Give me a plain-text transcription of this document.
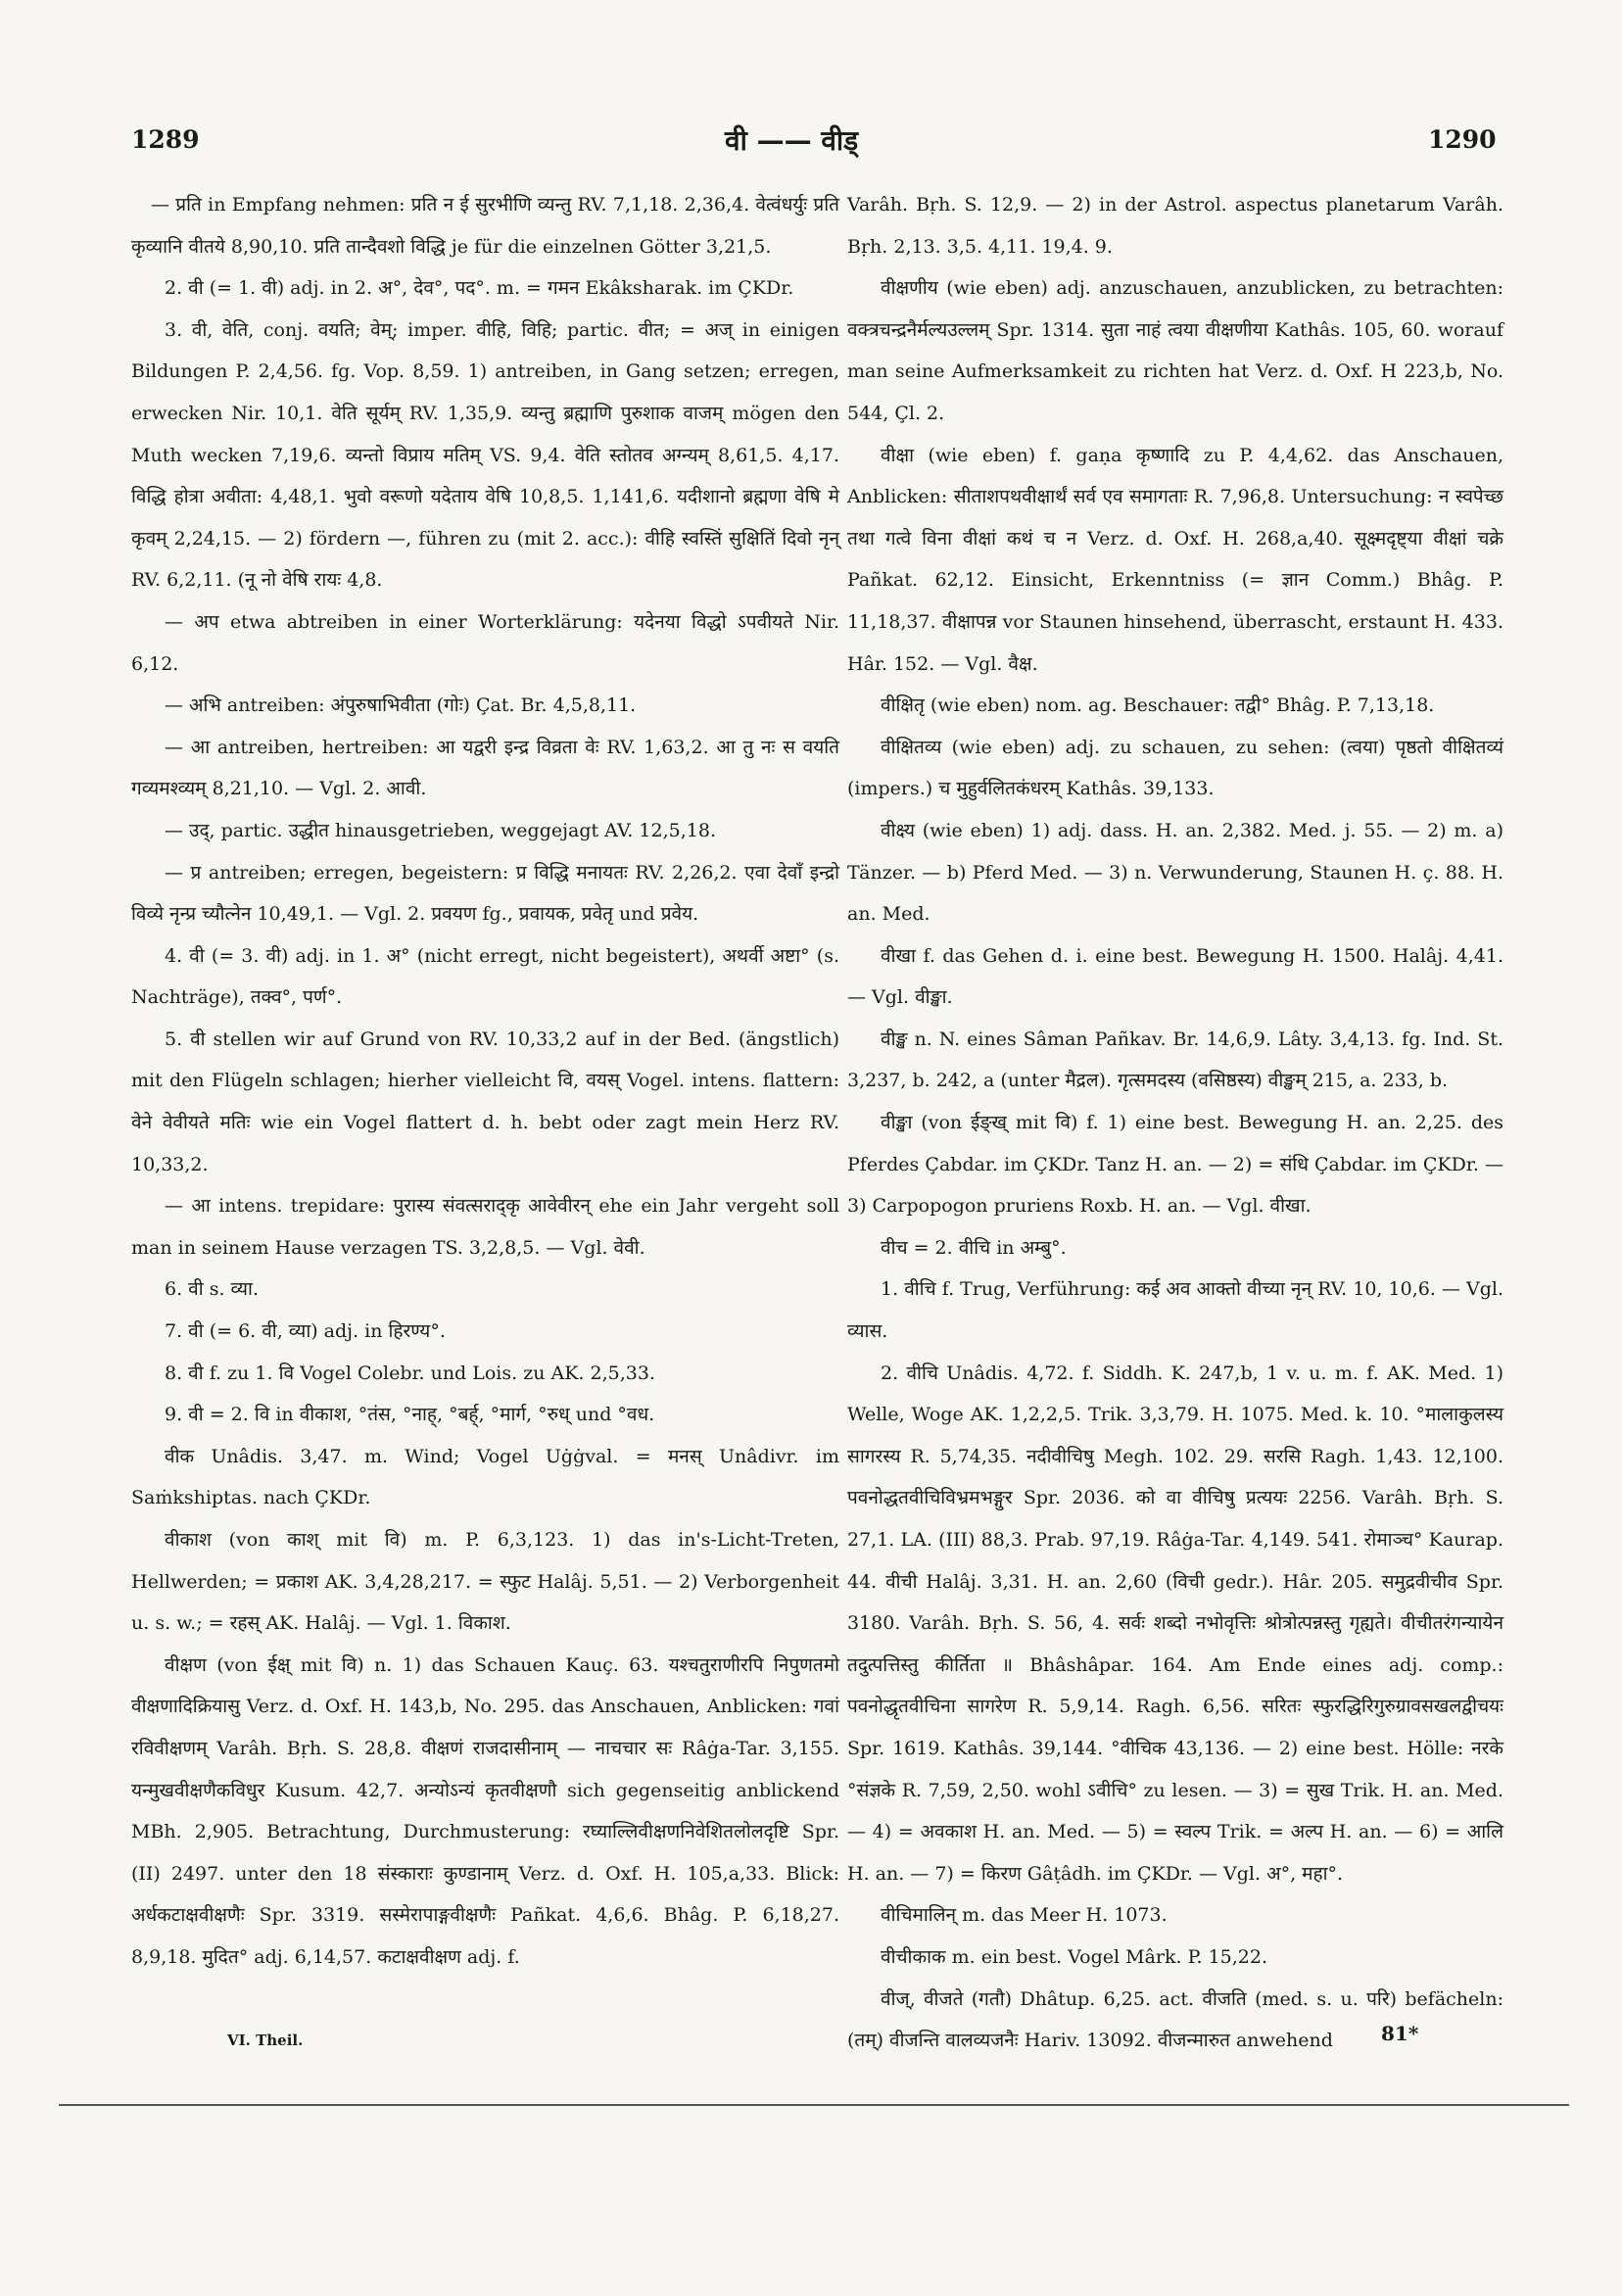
1289	वी —— वीड्	1290

— प्रति in Empfang nehmen: प्रति न ई सुरभीणि व्यन्तु RV. 7,1,18. 2,36,4. वेत्वंधर्युः प्रति कृव्यानि वीतये 8,90,10. प्रति तान्दैवशो विद्धि je für die einzelnen Götter 3,21,5.

2. वी (= 1. वी) adj. in 2. अ°, देव°, पद°. m. = गमन Ekâksharak. im ÇKDr.

3. वी, वेति, conj. वयति; वेम्; imper. वीहि, विहि; partic. वीत; = अज् in einigen Bildungen P. 2,4,56. fg. Vop. 8,59. 1) antreiben, in Gang setzen; erregen, erwecken Nir. 10,1. वेति सूर्यम् RV. 1,35,9. व्यन्तु ब्रह्माणि पुरुशाक वाजम् mögen den Muth wecken 7,19,6. व्यन्तो विप्राय मतिम् VS. 9,4. वेति स्तोतव अग्न्यम् 8,61,5. 4,17. विद्धि होत्रा अवीता: 4,48,1. भुवो वरूणो यदेताय वेषि 10,8,5. 1,141,6. यदीशानो ब्रह्मणा वेषि मे कृवम् 2,24,15. — 2) fördern —, führen zu (mit 2. acc.): वीहि स्वस्तिं सुक्षितिं दिवो नृन् RV. 6,2,11. (नू नो वेषि रायः 4,8.

— अप etwa abtreiben in einer Worterklärung: यदेनया विद्धो ऽपवीयते Nir. 6,12.

— अभि antreiben: अंपुरुषाभिवीता (गोः) Çat. Br. 4,5,8,11.

— आ antreiben, hertreiben: आ यद्वरी इन्द्र विव्रता वेः RV. 1,63,2. आ तु नः स वयति गव्यमश्व्यम् 8,21,10. — Vgl. 2. आवी.

— उद्, partic. उद्धीत hinausgetrieben, weggejagt AV. 12,5,18.

— प्र antreiben; erregen, begeistern: प्र विद्धि मनायतः RV. 2,26,2. एवा देवाँ इन्द्रो विव्ये नृन्प्र च्यौत्नेन 10,49,1. — Vgl. 2. प्रवयण fg., प्रवायक, प्रवेतृ und प्रवेय.

4. वी (= 3. वी) adj. in 1. अ° (nicht erregt, nicht begeistert), अथर्वी अष्टा° (s. Nachträge), तक्व°, पर्ण°.

5. वी stellen wir auf Grund von RV. 10,33,2 auf in der Bed. (ängstlich) mit den Flügeln schlagen; hierher vielleicht वि, वयस् Vogel. intens. flattern: वेने वेवीयते मतिः wie ein Vogel flattert d. h. bebt oder zagt mein Herz RV. 10,33,2.

— आ intens. trepidare: पुरास्य संवत्सराद्कृ आवेवीरन् ehe ein Jahr vergeht soll man in seinem Hause verzagen TS. 3,2,8,5. — Vgl. वेवी.

6. वी s. व्या.

7. वी (= 6. वी, व्या) adj. in हिरण्य°.

8. वी f. zu 1. वि Vogel Colebr. und Lois. zu AK. 2,5,33.

9. वी = 2. वि in वीकाश, °तंस, °नाह्, °बर्ह्, °मार्ग, °रुध् und °वध.

वीक Unâdis. 3,47. m. Wind; Vogel Uġġval. = मनस् Unâdivr. im Saṁkshiptas. nach ÇKDr.

वीकाश (von काश् mit वि) m. P. 6,3,123. 1) das in's-Licht-Treten, Hellwerden; = प्रकाश AK. 3,4,28,217. = स्फुट Halâj. 5,51. — 2) Verborgenheit u. s. w.; = रहस् AK. Halâj. — Vgl. 1. विकाश.

वीक्षण (von ईक्ष् mit वि) n. 1) das Schauen Kauç. 63. यश्चतुराणीरपि निपुणतमो वीक्षणादिक्रियासु Verz. d. Oxf. H. 143,b, No. 295. das Anschauen, Anblicken: गवां रविवीक्षणम् Varâh. Bṛh. S. 28,8. वीक्षणं राजदासीनाम् — नाचचार सः Râġa-Tar. 3,155. यन्मुखवीक्षणैकविधुर Kusum. 42,7. अन्योऽन्यं कृतवीक्षणौ sich gegenseitig anblickend MBh. 2,905. Betrachtung, Durchmusterung: रघ्याल्लिवीक्षणनिवेशितलोलदृष्टि Spr. (II) 2497. unter den 18 संस्काराः कुण्डानाम् Verz. d. Oxf. H. 105,a,33. Blick: अर्धकटाक्षवीक्षणैः Spr. 3319. सस्मेरापाङ्गवीक्षणैः Pañkat. 4,6,6. Bhâg. P. 6,18,27. 8,9,18. मुदित° adj. 6,14,57. कटाक्षवीक्षण adj. f.

Varâh. Bṛh. S. 12,9. — 2) in der Astrol. aspectus planetarum Varâh. Bṛh. 2,13. 3,5. 4,11. 19,4. 9.

वीक्षणीय (wie eben) adj. anzuschauen, anzublicken, zu betrachten: वक्त्रचन्द्रनैर्मल्यउल्लम् Spr. 1314. सुता नाहं त्वया वीक्षणीया Kathâs. 105, 60. worauf man seine Aufmerksamkeit zu richten hat Verz. d. Oxf. H 223,b, No. 544, Çl. 2.

वीक्षा (wie eben) f. gaṇa कृष्णादि zu P. 4,4,62. das Anschauen, Anblicken: सीताशपथवीक्षार्थं सर्व एव समागताः R. 7,96,8. Untersuchung: न स्वपेच्छ तथा गत्वे विना वीक्षां कथं च न Verz. d. Oxf. H. 268,a,40. सूक्ष्मदृष्ट्या वीक्षां चक्रे Pañkat. 62,12. Einsicht, Erkenntniss (= ज्ञान Comm.) Bhâg. P. 11,18,37. वीक्षापन्न vor Staunen hinsehend, überrascht, erstaunt H. 433. Hâr. 152. — Vgl. वैक्ष.

वीक्षितृ (wie eben) nom. ag. Beschauer: तद्वी° Bhâg. P. 7,13,18.

वीक्षितव्य (wie eben) adj. zu schauen, zu sehen: (त्वया) पृष्ठतो वीक्षितव्यं (impers.) च मुहुर्वलितकंधरम् Kathâs. 39,133.

वीक्ष्य (wie eben) 1) adj. dass. H. an. 2,382. Med. j. 55. — 2) m. a) Tänzer. — b) Pferd Med. — 3) n. Verwunderung, Staunen H. ç. 88. H. an. Med.

वीखा f. das Gehen d. i. eine best. Bewegung H. 1500. Halâj. 4,41. — Vgl. वीङ्खा.

वीङ्ख n. N. eines Sâman Pañkav. Br. 14,6,9. Lâty. 3,4,13. fg. Ind. St. 3,237, b. 242, a (unter मैद्रल). गृत्समदस्य (वसिष्ठस्य) वीङ्खम् 215, a. 233, b.

वीङ्खा (von ईङ्ख् mit वि) f. 1) eine best. Bewegung H. an. 2,25. des Pferdes Çabdar. im ÇKDr. Tanz H. an. — 2) = संधि Çabdar. im ÇKDr. — 3) Carpopogon pruriens Roxb. H. an. — Vgl. वीखा.

वीच = 2. वीचि in अम्बु°.

1. वीचि f. Trug, Verführung: कई अव आक्तो वीच्या नृन् RV. 10, 10,6. — Vgl. व्यास.

2. वीचि Unâdis. 4,72. f. Siddh. K. 247,b, 1 v. u. m. f. AK. Med. 1) Welle, Woge AK. 1,2,2,5. Trik. 3,3,79. H. 1075. Med. k. 10. °मालाकुलस्य सागरस्य R. 5,74,35. नदीवीचिषु Megh. 102. 29. सरसि Ragh. 1,43. 12,100. पवनोद्धतवीचिविभ्रमभङ्गुर Spr. 2036. को वा वीचिषु प्रत्ययः 2256. Varâh. Bṛh. S. 27,1. LA. (III) 88,3. Prab. 97,19. Râġa-Tar. 4,149. 541. रोमाञ्च° Kaurap. 44. वीची Halâj. 3,31. H. an. 2,60 (विची gedr.). Hâr. 205. समुद्रवीचीव Spr. 3180. Varâh. Bṛh. S. 56, 4. सर्वः शब्दो नभोवृत्तिः श्रोत्रोत्पन्नस्तु गृह्यते। वीचीतरंगन्यायेन तदुत्पत्तिस्तु कीर्तिता ॥ Bhâshâpar. 164. Am Ende eines adj. comp.: पवनोद्धृतवीचिना सागरेण R. 5,9,14. Ragh. 6,56. सरितः स्फुरद्धिरिगुरुग्रावसखलद्वीचयः Spr. 1619. Kathâs. 39,144. °वीचिक 43,136. — 2) eine best. Hölle: नरके °संज्ञके R. 7,59, 2,50. wohl ऽवीचि° zu lesen. — 3) = सुख Trik. H. an. Med. — 4) = अवकाश H. an. Med. — 5) = स्वल्प Trik. = अल्प H. an. — 6) = आलि H. an. — 7) = किरण Gâṭâdh. im ÇKDr. — Vgl. अ°, महा°.

वीचिमालिन् m. das Meer H. 1073.

वीचीकाक m. ein best. Vogel Mârk. P. 15,22.

वीज्, वीजते (गतौ) Dhâtup. 6,25. act. वीजति (med. s. u. परि) befächeln: (तम्) वीजन्ति वालव्यजनैः Hariv. 13092. वीजन्मारुत anwehend

VI. Theil.	81*
